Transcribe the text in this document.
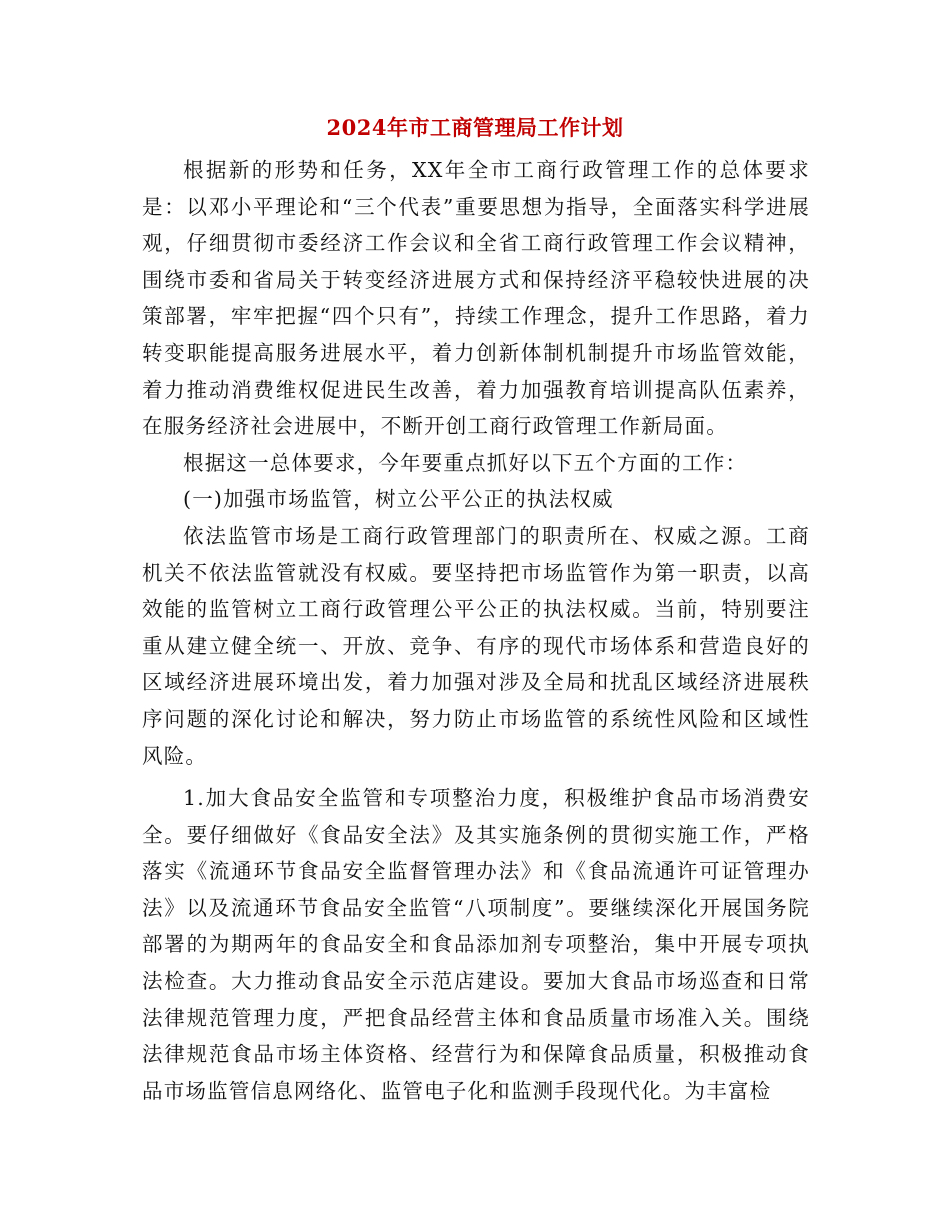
2024年市工商管理局工作计划

根据新的形势和任务，XX年全市工商行政管理工作的总体要求是：以邓小平理论和“三个代表”重要思想为指导，全面落实科学进展观，仔细贯彻市委经济工作会议和全省工商行政管理工作会议精神，围绕市委和省局关于转变经济进展方式和保持经济平稳较快进展的决策部署，牢牢把握“四个只有”，持续工作理念，提升工作思路，着力转变职能提高服务进展水平，着力创新体制机制提升市场监管效能，着力推动消费维权促进民生改善，着力加强教育培训提高队伍素养，在服务经济社会进展中，不断开创工商行政管理工作新局面。

根据这一总体要求，今年要重点抓好以下五个方面的工作：

(一)加强市场监管，树立公平公正的执法权威

依法监管市场是工商行政管理部门的职责所在、权威之源。工商机关不依法监管就没有权威。要坚持把市场监管作为第一职责，以高效能的监管树立工商行政管理公平公正的执法权威。当前，特别要注重从建立健全统一、开放、竞争、有序的现代市场体系和营造良好的区域经济进展环境出发，着力加强对涉及全局和扰乱区域经济进展秩序问题的深化讨论和解决，努力防止市场监管的系统性风险和区域性风险。

1.加大食品安全监管和专项整治力度，积极维护食品市场消费安全。要仔细做好《食品安全法》及其实施条例的贯彻实施工作，严格落实《流通环节食品安全监督管理办法》和《食品流通许可证管理办法》以及流通环节食品安全监管“八项制度”。要继续深化开展国务院部署的为期两年的食品安全和食品添加剂专项整治，集中开展专项执法检查。大力推动食品安全示范店建设。要加大食品市场巡查和日常法律规范管理力度，严把食品经营主体和食品质量市场准入关。围绕法律规范食品市场主体资格、经营行为和保障食品质量，积极推动食品市场监管信息网络化、监管电子化和监测手段现代化。为丰富检
